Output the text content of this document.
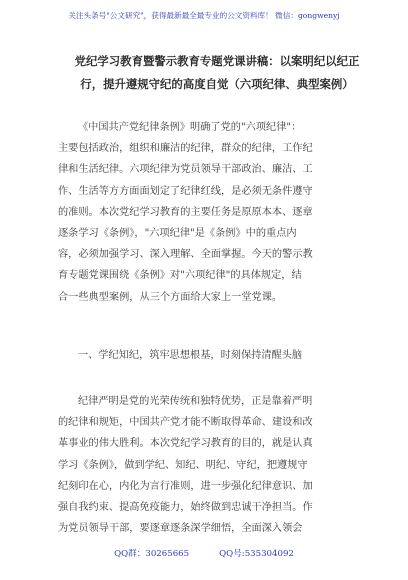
关注头条号"公文研究"，获得最新最全最专业的公文资料库！ 微信：gongwenyj
党纪学习教育暨警示教育专题党课讲稿：以案明纪以纪正
行，提升遵规守纪的高度自觉（六项纪律、典型案例）
《中国共产党纪律条例》明确了党的"六项纪律"：
主要包括政治，组织和廉洁的纪律，群众的纪律，工作纪
律和生活纪律。六项纪律为党员领导干部政治、廉洁、工
作、生活等方方面面划定了纪律红线，是必须无条件遵守
的准则。本次党纪学习教育的主要任务是原原本本、逐章
逐条学习《条例》，"六项纪律"是《条例》中的重点内
容，必须加强学习、深入理解、全面掌握。今天的警示教
育专题党课围绕《条例》对"六项纪律"的具体规定，结
合一些典型案例，从三个方面给大家上一堂党课。
一、学纪知纪，筑牢思想根基，时刻保持清醒头脑
纪律严明是党的光荣传统和独特优势，正是靠着严明
的纪律和规矩，中国共产党才能不断取得革命、建设和改
革事业的伟大胜利。本次党纪学习教育的目的，就是认真
学习《条例》，做到学纪、知纪、明纪、守纪，把遵规守
纪刻印在心，内化为言行准则，进一步强化纪律意识、加
强自我约束、提高免疫能力，始终做到忠诚干净担当。作
为党员领导干部，要逐章逐条深学细悟，全面深入领会
QQ群：30265665	QQ号:535304092
